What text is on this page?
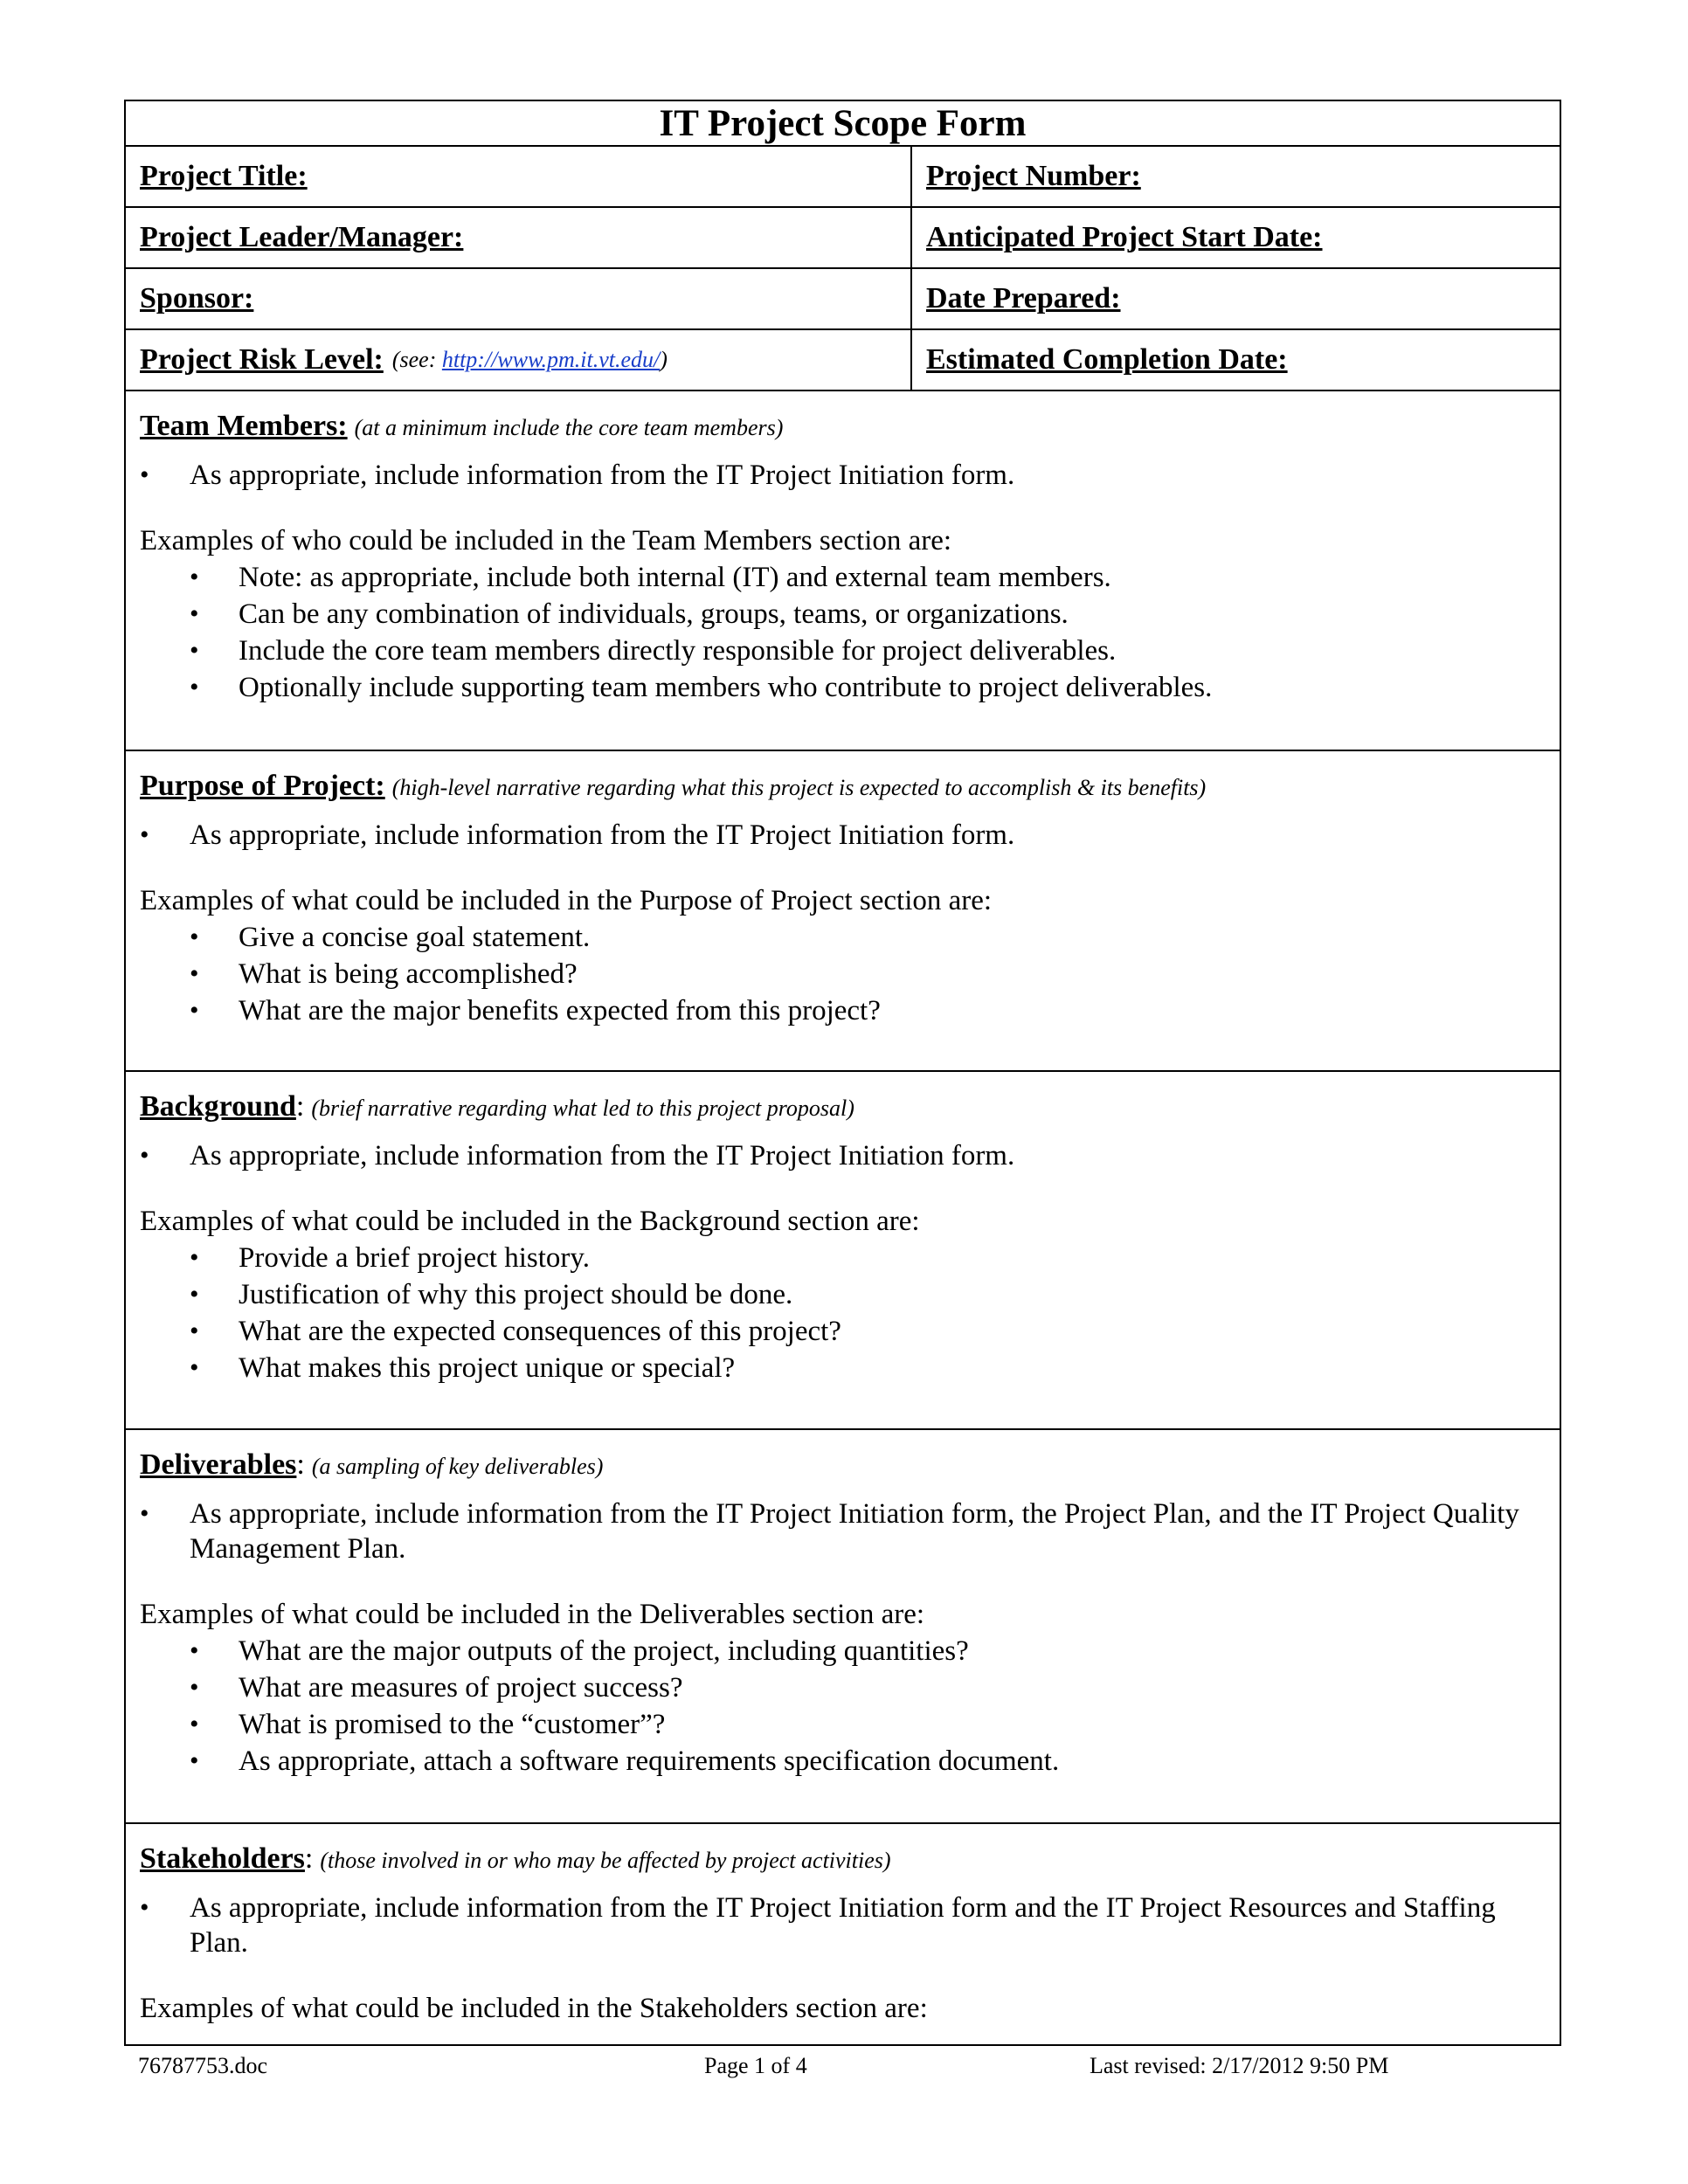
IT Project Scope Form
Project Title:	Project Number:
Project Leader/Manager:	Anticipated Project Start Date:
Sponsor:	Date Prepared:
Project Risk Level: (see: http://www.pm.it.vt.edu/)	Estimated Completion Date:
Team Members: (at a minimum include the core team members)
• As appropriate, include information from the IT Project Initiation form.
Examples of who could be included in the Team Members section are:
• Note: as appropriate, include both internal (IT) and external team members.
• Can be any combination of individuals, groups, teams, or organizations.
• Include the core team members directly responsible for project deliverables.
• Optionally include supporting team members who contribute to project deliverables.
Purpose of Project: (high-level narrative regarding what this project is expected to accomplish & its benefits)
• As appropriate, include information from the IT Project Initiation form.
Examples of what could be included in the Purpose of Project section are:
• Give a concise goal statement.
• What is being accomplished?
• What are the major benefits expected from this project?
Background: (brief narrative regarding what led to this project proposal)
• As appropriate, include information from the IT Project Initiation form.
Examples of what could be included in the Background section are:
• Provide a brief project history.
• Justification of why this project should be done.
• What are the expected consequences of this project?
• What makes this project unique or special?
Deliverables: (a sampling of key deliverables)
• As appropriate, include information from the IT Project Initiation form, the Project Plan, and the IT Project Quality Management Plan.
Examples of what could be included in the Deliverables section are:
• What are the major outputs of the project, including quantities?
• What are measures of project success?
• What is promised to the “customer”?
• As appropriate, attach a software requirements specification document.
Stakeholders: (those involved in or who may be affected by project activities)
• As appropriate, include information from the IT Project Initiation form and the IT Project Resources and Staffing Plan.
Examples of what could be included in the Stakeholders section are:
76787753.doc	Page 1 of 4	Last revised: 2/17/2012 9:50 PM
